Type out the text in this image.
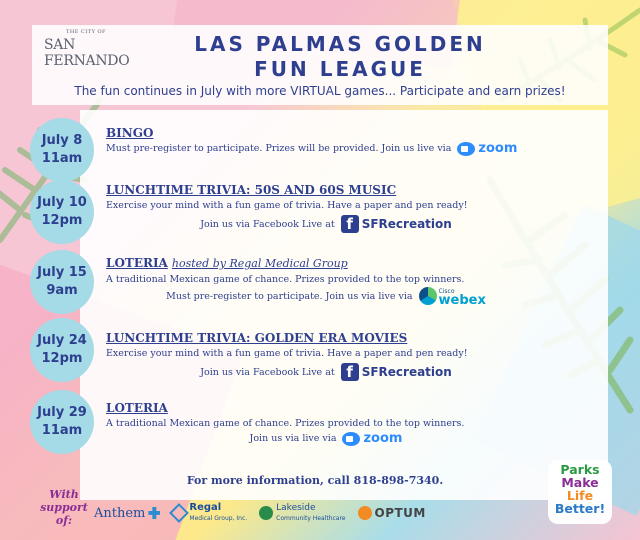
THE CITY OF
SAN FERNANDO
LAS PALMAS GOLDEN
FUN LEAGUE
The fun continues in July with more VIRTUAL games... Participate and earn prizes!
July 8
11am
BINGO
Must pre-register to participate. Prizes will be provided. Join us live via zoom
July 10
12pm
LUNCHTIME TRIVIA: 50S AND 60S MUSIC
Exercise your mind with a fun game of trivia. Have a paper and pen ready!
Join us via Facebook Live at f SFRecreation
July 15
9am
LOTERIA hosted by Regal Medical Group
A traditional Mexican game of chance. Prizes provided to the top winners.
Must pre-register to participate. Join us via live via	Cisco
webex
July 24
12pm
LUNCHTIME TRIVIA: GOLDEN ERA MOVIES
Exercise your mind with a fun game of trivia. Have a paper and pen ready!
Join us via Facebook Live at f SFRecreation
July 29
11am
LOTERIA
A traditional Mexican game of chance. Prizes provided to the top winners.
Join us via live via zoom
For more information, call 818-898-7340.
With
support of:	Anthem	Regal
Medical Group, Inc.
Lakeside
Community Healthcare OPTUM
Parks
Make
Life
Better!
